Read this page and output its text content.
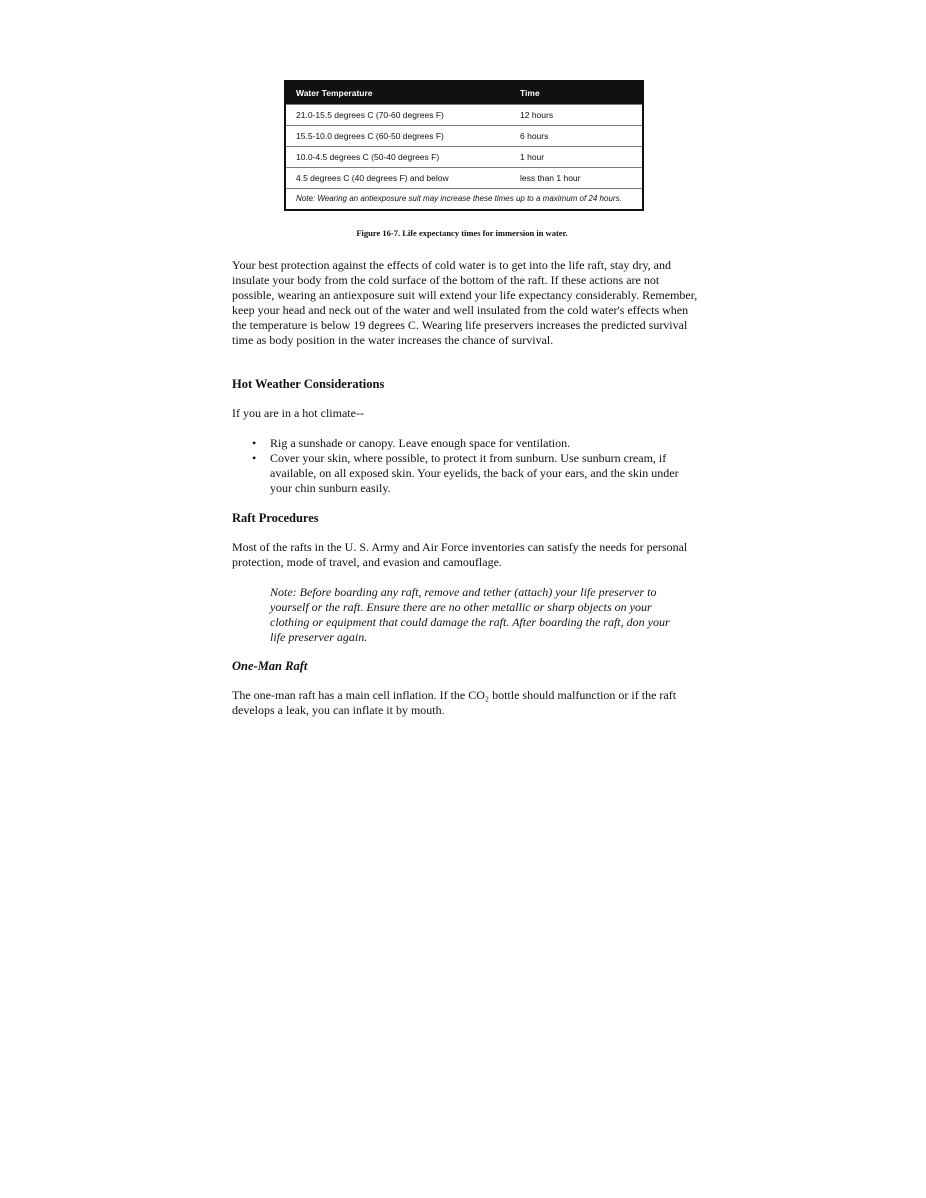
Water Temperature	Time
21.0-15.5 degrees C (70-60 degrees F)	12 hours
15.5-10.0 degrees C (60-50 degrees F)	6 hours
10.0-4.5 degrees C (50-40 degrees F)	1 hour
4.5 degrees C (40 degrees F) and below	less than 1 hour
Note: Wearing an antiexposure suit may increase these times up to a maximum of 24 hours.
Figure 16-7. Life expectancy times for immersion in water.
Your best protection against the effects of cold water is to get into the life raft, stay dry, and insulate your body from the cold surface of the bottom of the raft. If these actions are not possible, wearing an antiexposure suit will extend your life expectancy considerably. Remember, keep your head and neck out of the water and well insulated from the cold water's effects when the temperature is below 19 degrees C. Wearing life preservers increases the predicted survival time as body position in the water increases the chance of survival.
Hot Weather Considerations
If you are in a hot climate--
• Rig a sunshade or canopy. Leave enough space for ventilation.
• Cover your skin, where possible, to protect it from sunburn. Use sunburn cream, if available, on all exposed skin. Your eyelids, the back of your ears, and the skin under your chin sunburn easily.
Raft Procedures
Most of the rafts in the U. S. Army and Air Force inventories can satisfy the needs for personal protection, mode of travel, and evasion and camouflage.
Note: Before boarding any raft, remove and tether (attach) your life preserver to yourself or the raft. Ensure there are no other metallic or sharp objects on your clothing or equipment that could damage the raft. After boarding the raft, don your life preserver again.
One-Man Raft
The one-man raft has a main cell inflation. If the CO₂ bottle should malfunction or if the raft develops a leak, you can inflate it by mouth.
